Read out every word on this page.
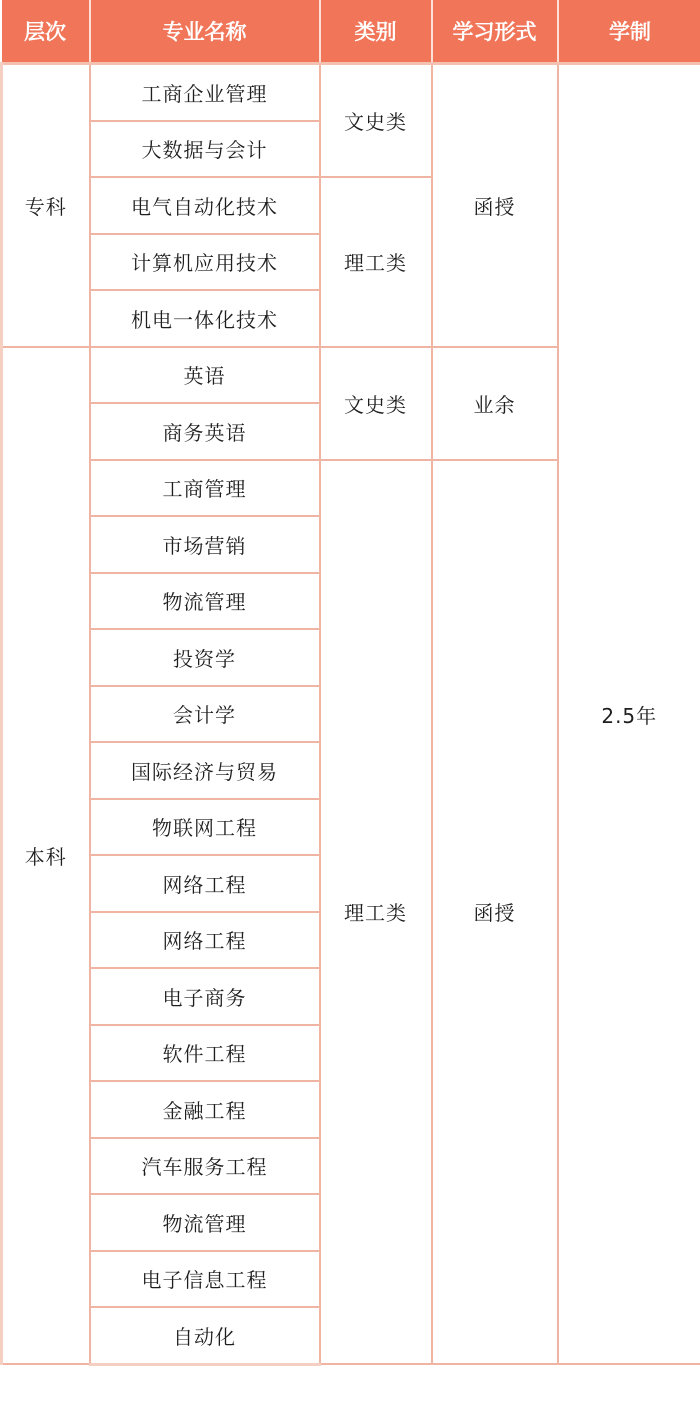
层次	专业名称	类别	学习形式	学制
专科	工商企业管理	文史类	函授	2.5年
	大数据与会计			
	电气自动化技术	理工类		
	计算机应用技术			
	机电一体化技术			
本科	英语	文史类	业余	
	商务英语			
	工商管理	理工类	函授	
	市场营销			
	物流管理			
	投资学			
	会计学			
	国际经济与贸易			
	物联网工程			
	网络工程			
	网络工程			
	电子商务			
	软件工程			
	金融工程			
	汽车服务工程			
	物流管理			
	电子信息工程			
	自动化			
